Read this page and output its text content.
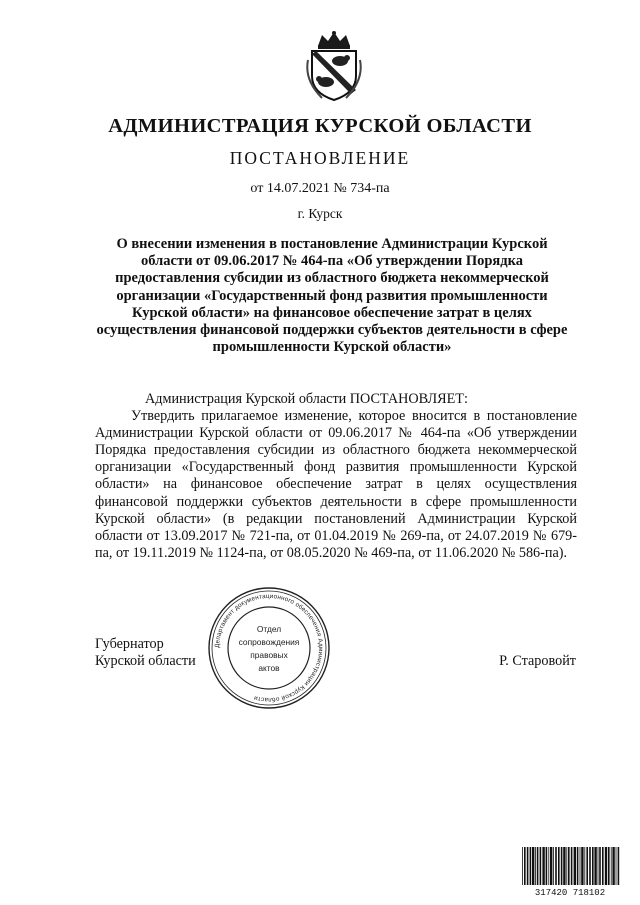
АДМИНИСТРАЦИЯ КУРСКОЙ ОБЛАСТИ
ПОСТАНОВЛЕНИЕ
от 14.07.2021 № 734-па
г. Курск
О внесении изменения в постановление Администрации Курской области от 09.06.2017 № 464-па «Об утверждении Порядка предоставления субсидии из областного бюджета некоммерческой организации «Государственный фонд развития промышленности Курской области» на финансовое обеспечение затрат в целях осуществления финансовой поддержки субъектов деятельности в сфере промышленности Курской области»

Администрация Курской области ПОСТАНОВЛЯЕТ:

Утвердить прилагаемое изменение, которое вносится в постановление Администрации Курской области от 09.06.2017 № 464-па «Об утверждении Порядка предоставления субсидии из областного бюджета некоммерческой организации «Государственный фонд развития промышленности Курской области» на финансовое обеспечение затрат в целях осуществления финансовой поддержки субъектов деятельности в сфере промышленности Курской области» (в редакции постановлений Администрации Курской области от 13.09.2017 № 721-па, от 01.04.2019 № 269-па, от 24.07.2019 № 679-па, от 19.11.2019 № 1124-па, от 08.05.2020 № 469-па, от 11.06.2020 № 586-па).

Губернатор
Курской области
Департамент документационного обеспечения Администрации Курской области
Отдел
сопровождения
правовых
актов	Р. Старовойт
317420 718102
